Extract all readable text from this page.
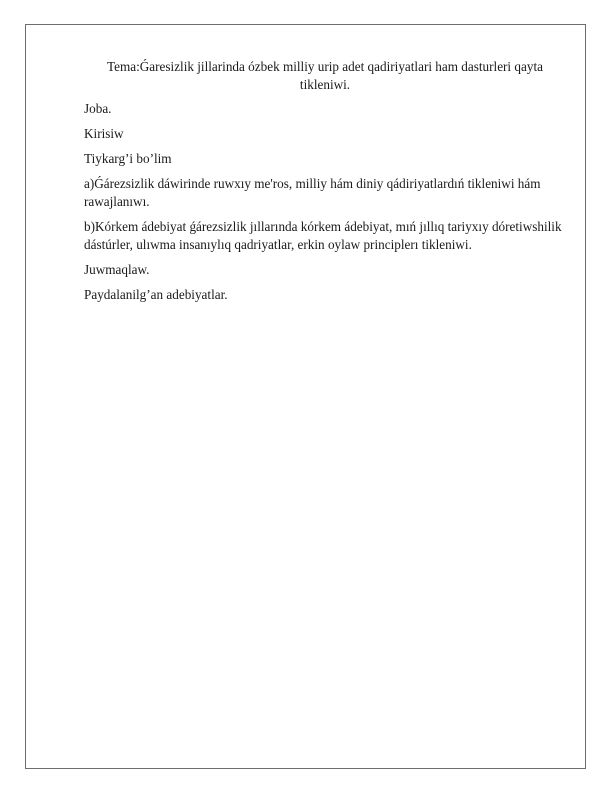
Tema:Ǵaresizlik jillarinda ózbek milliy urip adet qadiriyatlari ham dasturleri qayta tikleniwi.

Joba.

Kirisiw

Tiykarg’i bo’lim

a)Ǵárezsizlik dáwirinde ruwxıy me'ros, milliy hám diniy qádiriyatlardıń tikleniwi hám rawajlanıwı.

b)Kórkem ádebiyat ǵárezsizlik jıllarında kórkem ádebiyat, mıń jıllıq tariyxıy dóretiwshilik dástúrler, ulıwma insanıylıq qadriyatlar, erkin oylaw principlerı tikleniwi.

Juwmaqlaw.

Paydalanilg’an adebiyatlar.
